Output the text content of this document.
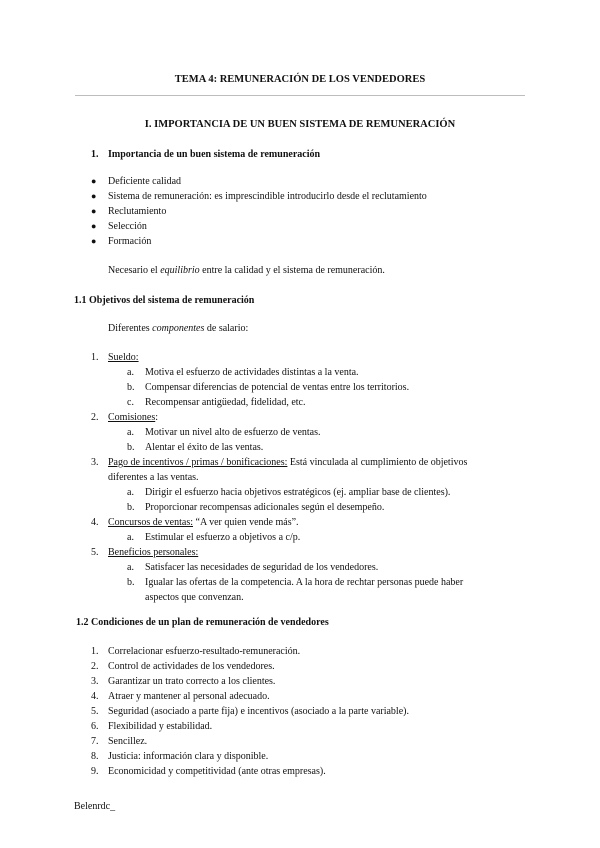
TEMA 4: REMUNERACIÓN DE LOS VENDEDORES
I. IMPORTANCIA DE UN BUEN SISTEMA DE REMUNERACIÓN
1. Importancia de un buen sistema de remuneración
● Deficiente calidad
● Sistema de remuneración: es imprescindible introducirlo desde el reclutamiento
● Reclutamiento
● Selección
● Formación
Necesario el equilibrio entre la calidad y el sistema de remuneración.
1.1 Objetivos del sistema de remuneración
Diferentes componentes de salario:
1. Sueldo:
a. Motiva el esfuerzo de actividades distintas a la venta.
b. Compensar diferencias de potencial de ventas entre los territorios.
c. Recompensar antigüedad, fidelidad, etc.
2. Comisiones:
a. Motivar un nivel alto de esfuerzo de ventas.
b. Alentar el éxito de las ventas.
3. Pago de incentivos / primas / bonificaciones: Está vinculada al cumplimiento de objetivos
diferentes a las ventas.
a. Dirigir el esfuerzo hacia objetivos estratégicos (ej. ampliar base de clientes).
b. Proporcionar recompensas adicionales según el desempeño.
4. Concursos de ventas: “A ver quien vende más”.
a. Estimular el esfuerzo a objetivos a c/p.
5. Beneficios personales:
a. Satisfacer las necesidades de seguridad de los vendedores.
b. Igualar las ofertas de la competencia. A la hora de rechtar personas puede haber
aspectos que convenzan.
1.2 Condiciones de un plan de remuneración de vendedores
1. Correlacionar esfuerzo-resultado-remuneración.
2. Control de actividades de los vendedores.
3. Garantizar un trato correcto a los clientes.
4. Atraer y mantener al personal adecuado.
5. Seguridad (asociado a parte fija) e incentivos (asociado a la parte variable).
6. Flexibilidad y estabilidad.
7. Sencillez.
8. Justicia: información clara y disponible.
9. Economicidad y competitividad (ante otras empresas).
Belenrdc_
